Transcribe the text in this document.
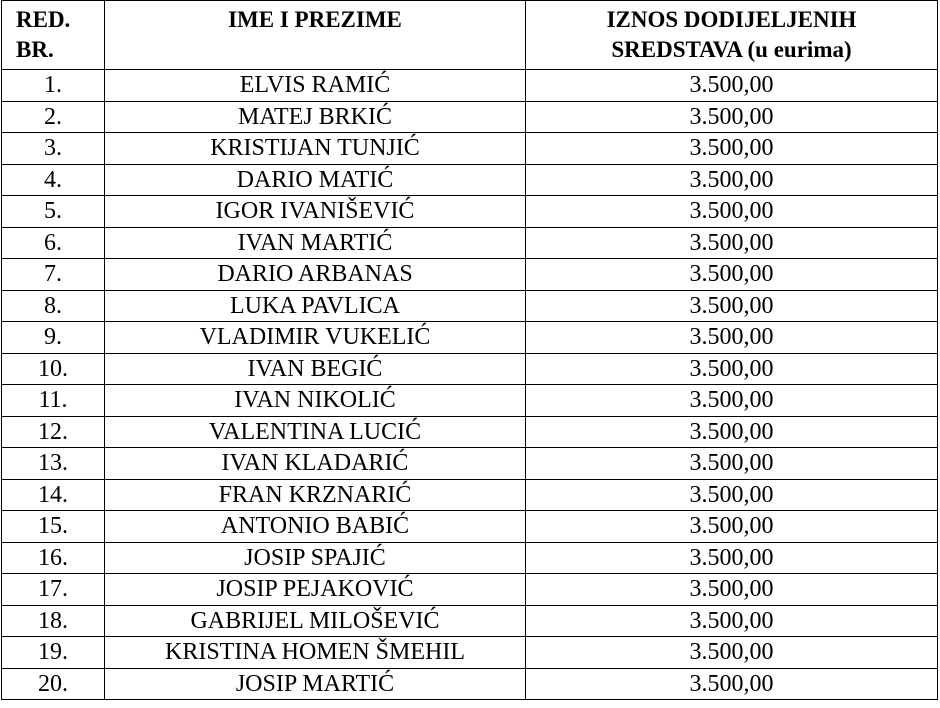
RED.
BR.	IME I PREZIME	IZNOS DODIJELJENIH
SREDSTAVA (u eurima)

1.	ELVIS RAMIĆ	3.500,00
2.	MATEJ BRKIĆ	3.500,00
3.	KRISTIJAN TUNJIĆ	3.500,00
4.	DARIO MATIĆ	3.500,00
5.	IGOR IVANIŠEVIĆ	3.500,00
6.	IVAN MARTIĆ	3.500,00
7.	DARIO ARBANAS	3.500,00
8.	LUKA PAVLICA	3.500,00
9.	VLADIMIR VUKELIĆ	3.500,00
10.	IVAN BEGIĆ	3.500,00
11.	IVAN NIKOLIĆ	3.500,00
12.	VALENTINA LUCIĆ	3.500,00
13.	IVAN KLADARIĆ	3.500,00
14.	FRAN KRZNARIĆ	3.500,00
15.	ANTONIO BABIĆ	3.500,00
16.	JOSIP SPAJIĆ	3.500,00
17.	JOSIP PEJAKOVIĆ	3.500,00
18.	GABRIJEL MILOŠEVIĆ	3.500,00
19.	KRISTINA HOMEN ŠMEHIL	3.500,00
20.	JOSIP MARTIĆ	3.500,00
